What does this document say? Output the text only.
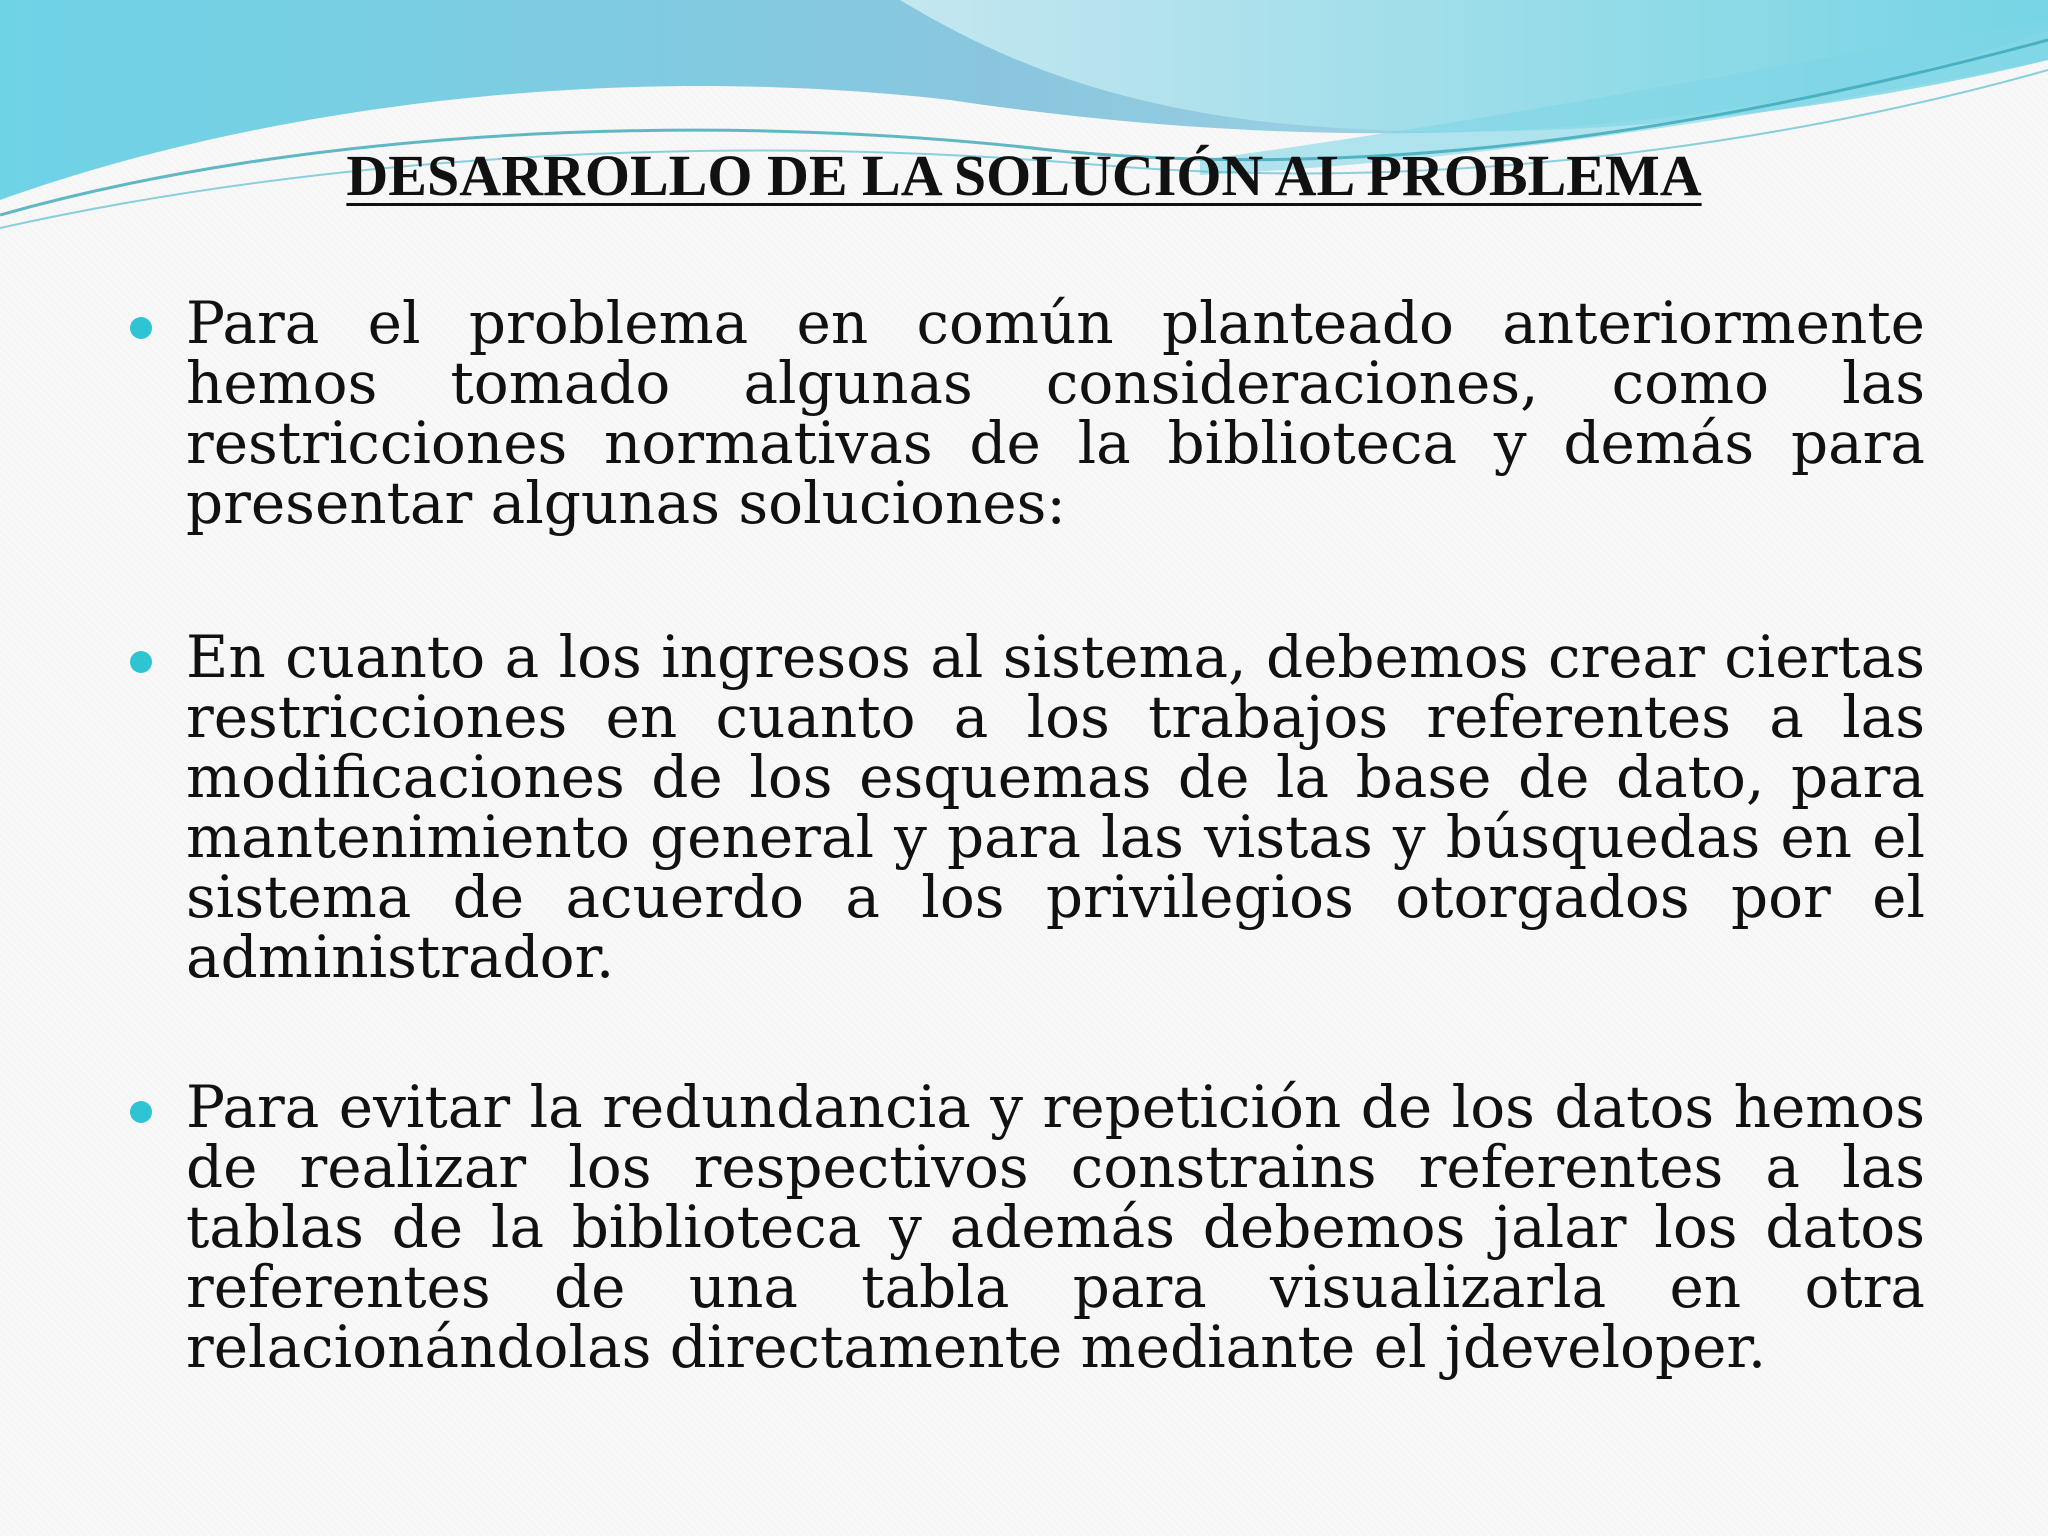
DESARROLLO DE LA SOLUCIÓN AL PROBLEMA
Para el problema en común planteado anteriormente hemos tomado algunas consideraciones, como las restricciones normativas de la biblioteca y demás para presentar algunas soluciones:
En cuanto a los ingresos al sistema, debemos crear ciertas restricciones en cuanto a los trabajos referentes a las modificaciones de los esquemas de la base de dato, para mantenimiento general y para las vistas y búsquedas en el sistema de acuerdo a los privilegios otorgados por el administrador.
Para evitar la redundancia y repetición de los datos hemos de realizar los respectivos constrains referentes a las tablas de la biblioteca y además debemos jalar los datos referentes de una tabla para visualizarla en otra relacionándolas directamente mediante el jdeveloper.
